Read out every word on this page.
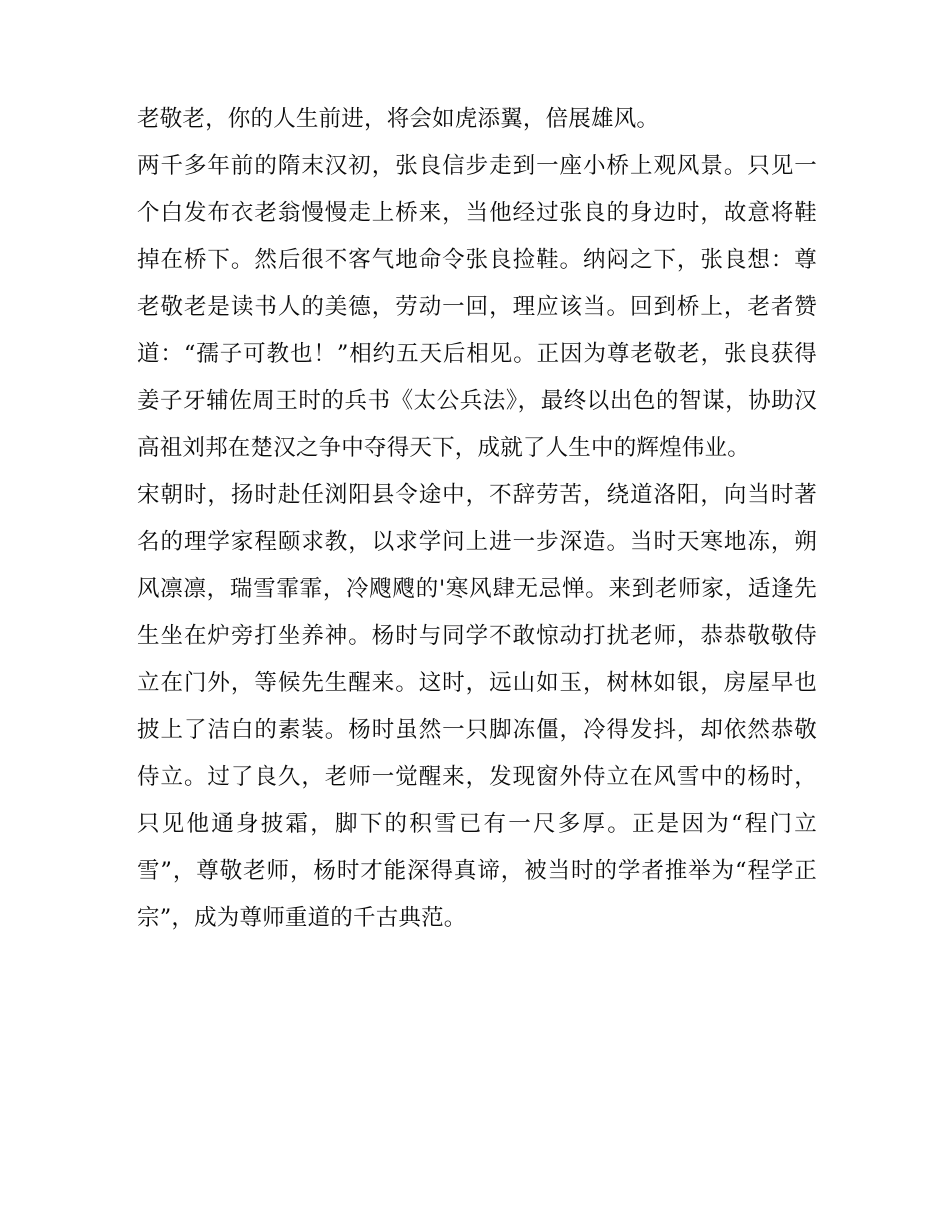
老敬老，你的人生前进，将会如虎添翼，倍展雄风。

两千多年前的隋末汉初，张良信步走到一座小桥上观风景。只见一个白发布衣老翁慢慢走上桥来，当他经过张良的身边时，故意将鞋掉在桥下。然后很不客气地命令张良捡鞋。纳闷之下，张良想：尊老敬老是读书人的美德，劳动一回，理应该当。回到桥上，老者赞道：“孺子可教也！”相约五天后相见。正因为尊老敬老，张良获得姜子牙辅佐周王时的兵书《太公兵法》，最终以出色的智谋，协助汉高祖刘邦在楚汉之争中夺得天下，成就了人生中的辉煌伟业。

宋朝时，扬时赴任浏阳县令途中，不辞劳苦，绕道洛阳，向当时著名的理学家程颐求教，以求学问上进一步深造。当时天寒地冻，朔风凛凛，瑞雪霏霏，冷飕飕的'寒风肆无忌惮。来到老师家，适逢先生坐在炉旁打坐养神。杨时与同学不敢惊动打扰老师，恭恭敬敬侍立在门外，等候先生醒来。这时，远山如玉，树林如银，房屋早也披上了洁白的素装。杨时虽然一只脚冻僵，冷得发抖，却依然恭敬侍立。过了良久，老师一觉醒来，发现窗外侍立在风雪中的杨时，只见他通身披霜，脚下的积雪已有一尺多厚。正是因为“程门立雪”，尊敬老师，杨时才能深得真谛，被当时的学者推举为“程学正宗”，成为尊师重道的千古典范。
